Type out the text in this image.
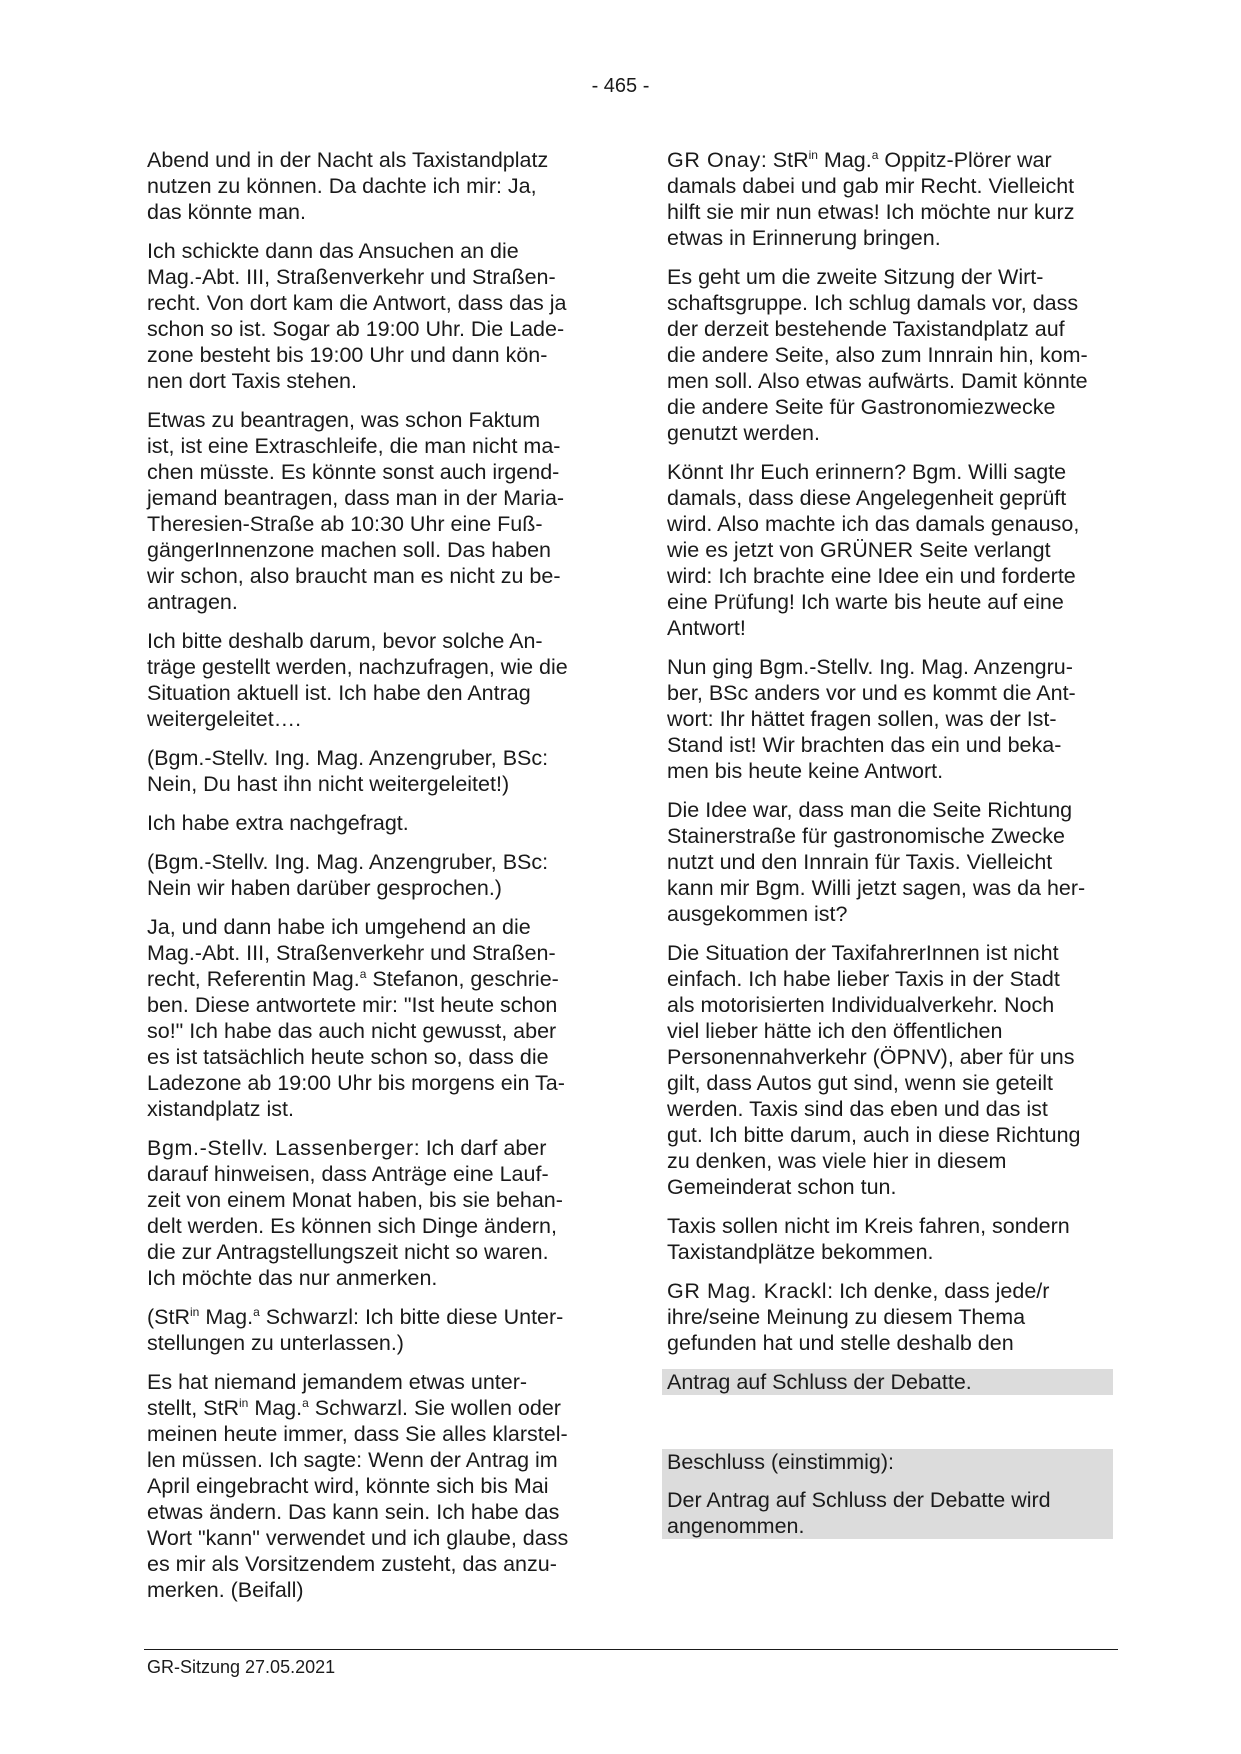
- 465 -

Abend und in der Nacht als Taxistandplatz
nutzen zu können. Da dachte ich mir: Ja,
das könnte man.

Ich schickte dann das Ansuchen an die
Mag.-Abt. III, Straßenverkehr und Straßen-
recht. Von dort kam die Antwort, dass das ja
schon so ist. Sogar ab 19:00 Uhr. Die Lade-
zone besteht bis 19:00 Uhr und dann kön-
nen dort Taxis stehen.

Etwas zu beantragen, was schon Faktum
ist, ist eine Extraschleife, die man nicht ma-
chen müsste. Es könnte sonst auch irgend-
jemand beantragen, dass man in der Maria-
Theresien-Straße ab 10:30 Uhr eine Fuß-
gängerInnenzone machen soll. Das haben
wir schon, also braucht man es nicht zu be-
antragen.

Ich bitte deshalb darum, bevor solche An-
träge gestellt werden, nachzufragen, wie die
Situation aktuell ist. Ich habe den Antrag
weitergeleitet….

(Bgm.-Stellv. Ing. Mag. Anzengruber, BSc:
Nein, Du hast ihn nicht weitergeleitet!)

Ich habe extra nachgefragt.

(Bgm.-Stellv. Ing. Mag. Anzengruber, BSc:
Nein wir haben darüber gesprochen.)

Ja, und dann habe ich umgehend an die
Mag.-Abt. III, Straßenverkehr und Straßen-
recht, Referentin Mag.$^a$ Stefanon, geschrie-
ben. Diese antwortete mir: "Ist heute schon
so!" Ich habe das auch nicht gewusst, aber
es ist tatsächlich heute schon so, dass die
Ladezone ab 19:00 Uhr bis morgens ein Ta-
xistandplatz ist.

Bgm.-Stellv. Lassenberger: Ich darf aber
darauf hinweisen, dass Anträge eine Lauf-
zeit von einem Monat haben, bis sie behan-
delt werden. Es können sich Dinge ändern,
die zur Antragstellungszeit nicht so waren.
Ich möchte das nur anmerken.

(StR$^{in}$ Mag.$^a$ Schwarzl: Ich bitte diese Unter-
stellungen zu unterlassen.)

Es hat niemand jemandem etwas unter-
stellt, StR$^{in}$ Mag.$^a$ Schwarzl. Sie wollen oder
meinen heute immer, dass Sie alles klarstel-
len müssen. Ich sagte: Wenn der Antrag im
April eingebracht wird, könnte sich bis Mai
etwas ändern. Das kann sein. Ich habe das
Wort "kann" verwendet und ich glaube, dass
es mir als Vorsitzendem zusteht, das anzu-
merken. (Beifall)

GR Onay: StR$^{in}$ Mag.$^a$ Oppitz-Plörer war
damals dabei und gab mir Recht. Vielleicht
hilft sie mir nun etwas! Ich möchte nur kurz
etwas in Erinnerung bringen.

Es geht um die zweite Sitzung der Wirt-
schaftsgruppe. Ich schlug damals vor, dass
der derzeit bestehende Taxistandplatz auf
die andere Seite, also zum Innrain hin, kom-
men soll. Also etwas aufwärts. Damit könnte
die andere Seite für Gastronomiezwecke
genutzt werden.

Könnt Ihr Euch erinnern? Bgm. Willi sagte
damals, dass diese Angelegenheit geprüft
wird. Also machte ich das damals genauso,
wie es jetzt von GRÜNER Seite verlangt
wird: Ich brachte eine Idee ein und forderte
eine Prüfung! Ich warte bis heute auf eine
Antwort!

Nun ging Bgm.-Stellv. Ing. Mag. Anzengru-
ber, BSc anders vor und es kommt die Ant-
wort: Ihr hättet fragen sollen, was der Ist-
Stand ist! Wir brachten das ein und beka-
men bis heute keine Antwort.

Die Idee war, dass man die Seite Richtung
Stainerstraße für gastronomische Zwecke
nutzt und den Innrain für Taxis. Vielleicht
kann mir Bgm. Willi jetzt sagen, was da her-
ausgekommen ist?

Die Situation der TaxifahrerInnen ist nicht
einfach. Ich habe lieber Taxis in der Stadt
als motorisierten Individualverkehr. Noch
viel lieber hätte ich den öffentlichen
Personennahverkehr (ÖPNV), aber für uns
gilt, dass Autos gut sind, wenn sie geteilt
werden. Taxis sind das eben und das ist
gut. Ich bitte darum, auch in diese Richtung
zu denken, was viele hier in diesem
Gemeinderat schon tun.

Taxis sollen nicht im Kreis fahren, sondern
Taxistandplätze bekommen.

GR Mag. Krackl: Ich denke, dass jede/r
ihre/seine Meinung zu diesem Thema
gefunden hat und stelle deshalb den

Antrag auf Schluss der Debatte.

Beschluss (einstimmig):

Der Antrag auf Schluss der Debatte wird
angenommen.

GR-Sitzung 27.05.2021
